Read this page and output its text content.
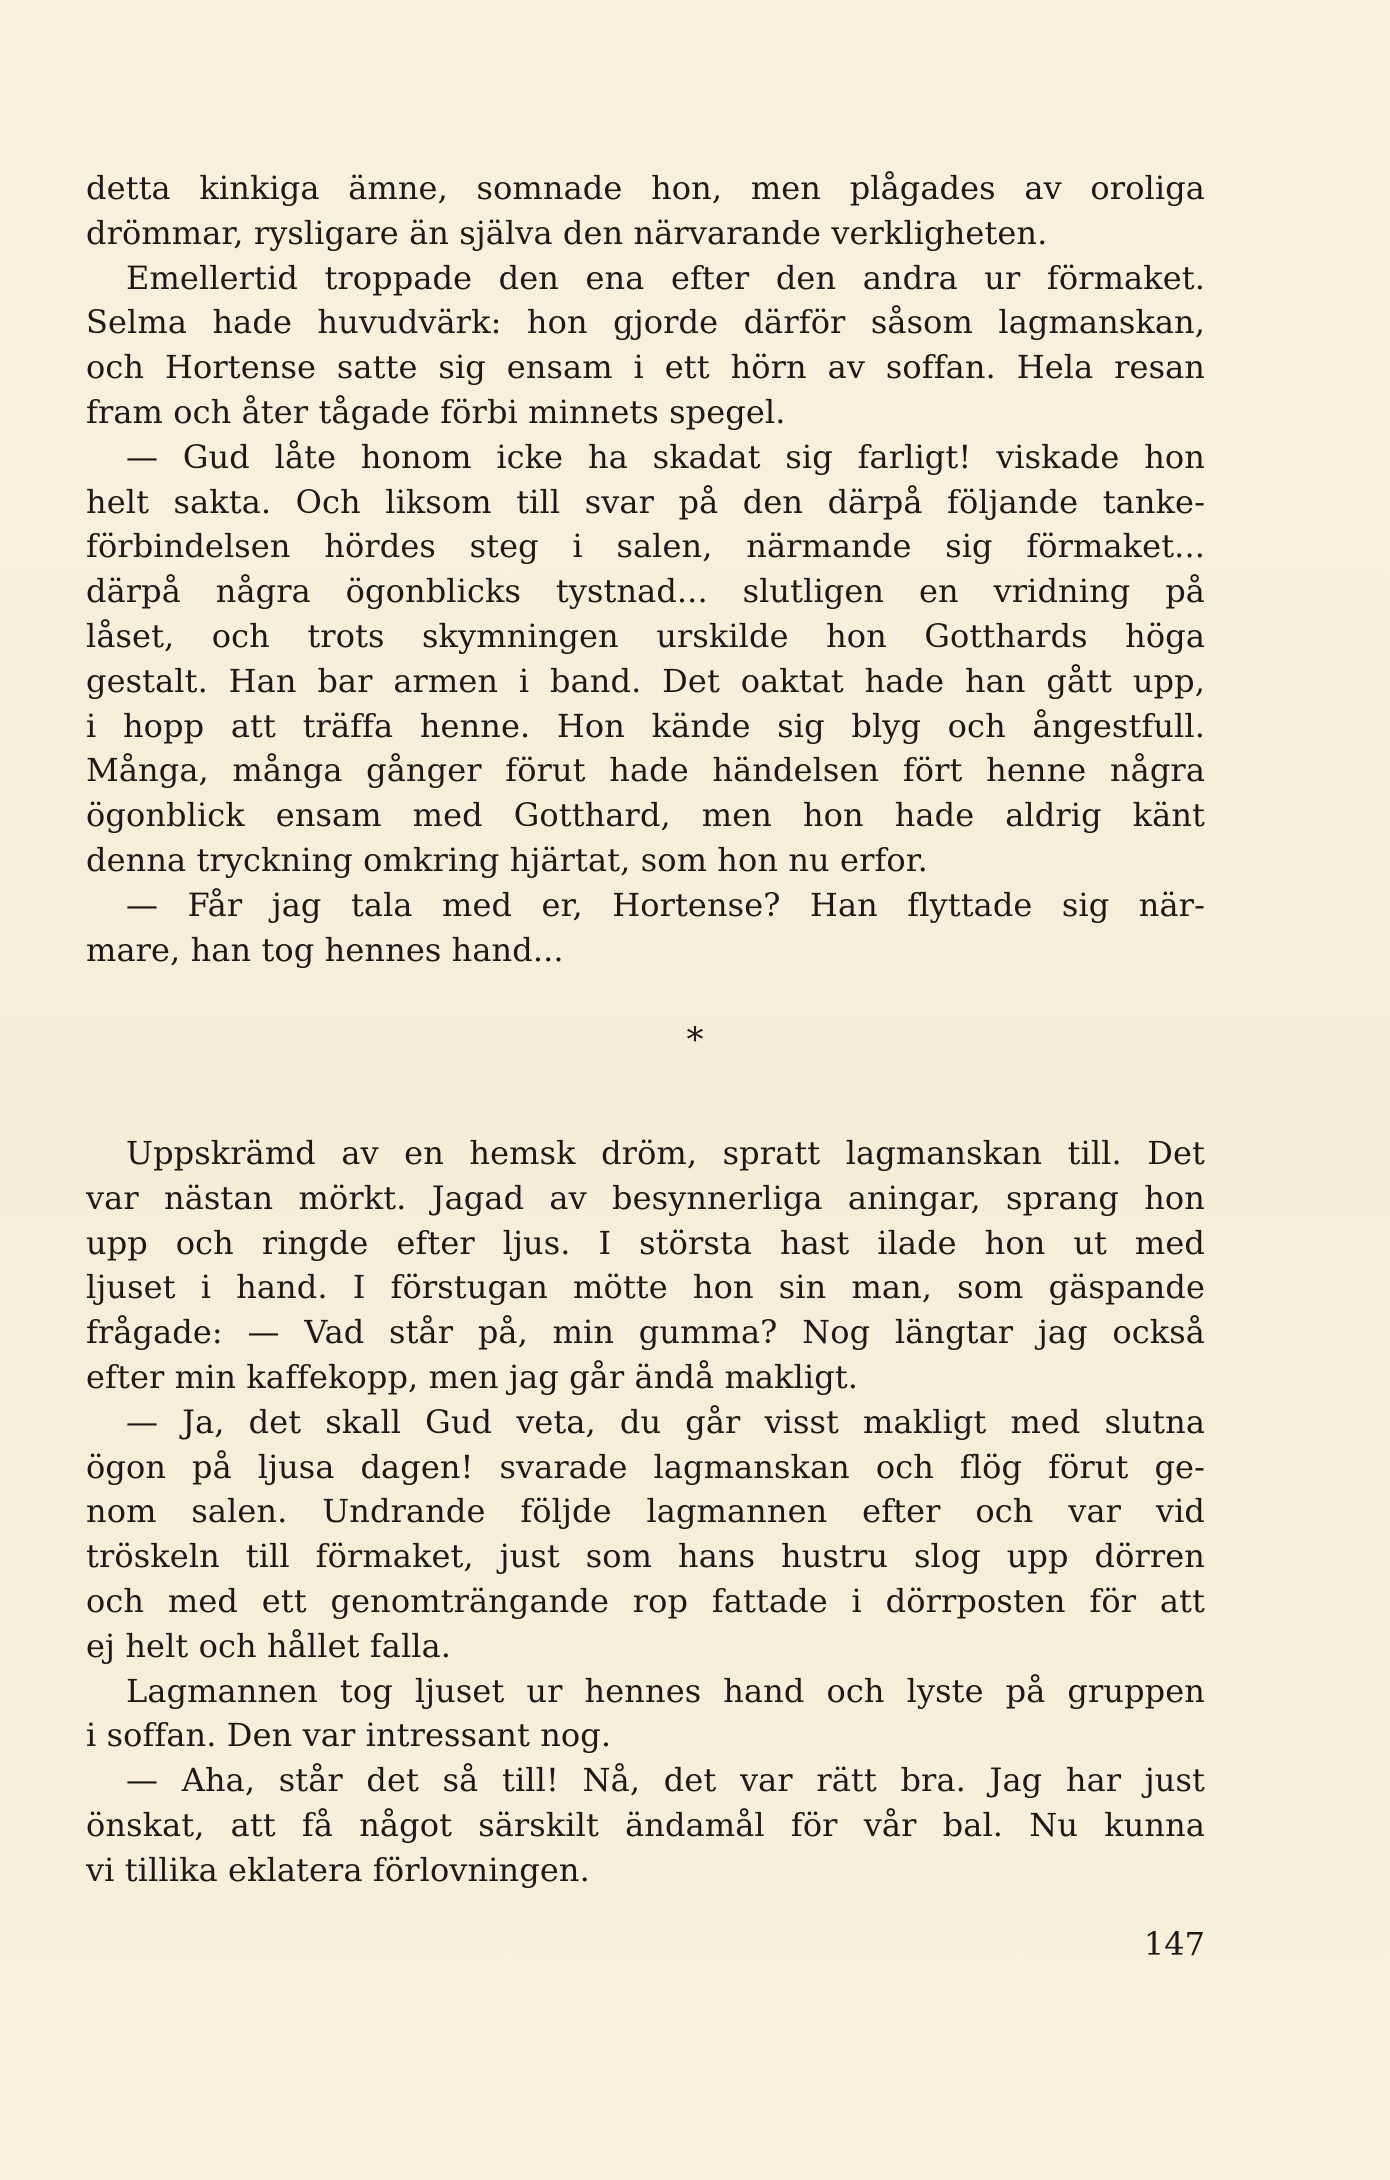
detta kinkiga ämne, somnade hon, men plågades av oroliga
drömmar, rysligare än själva den närvarande verkligheten.
Emellertid troppade den ena efter den andra ur förmaket.
Selma hade huvudvärk: hon gjorde därför såsom lagmanskan,
och Hortense satte sig ensam i ett hörn av soffan. Hela resan
fram och åter tågade förbi minnets spegel.
— Gud låte honom icke ha skadat sig farligt! viskade hon
helt sakta. Och liksom till svar på den därpå följande tanke-
förbindelsen hördes steg i salen, närmande sig förmaket...
därpå några ögonblicks tystnad... slutligen en vridning på
låset, och trots skymningen urskilde hon Gotthards höga
gestalt. Han bar armen i band. Det oaktat hade han gått upp,
i hopp att träffa henne. Hon kände sig blyg och ångestfull.
Många, många gånger förut hade händelsen fört henne några
ögonblick ensam med Gotthard, men hon hade aldrig känt
denna tryckning omkring hjärtat, som hon nu erfor.
— Får jag tala med er, Hortense? Han flyttade sig när-
mare, han tog hennes hand...
*
Uppskrämd av en hemsk dröm, spratt lagmanskan till. Det
var nästan mörkt. Jagad av besynnerliga aningar, sprang hon
upp och ringde efter ljus. I största hast ilade hon ut med
ljuset i hand. I förstugan mötte hon sin man, som gäspande
frågade: — Vad står på, min gumma? Nog längtar jag också
efter min kaffekopp, men jag går ändå makligt.
— Ja, det skall Gud veta, du går visst makligt med slutna
ögon på ljusa dagen! svarade lagmanskan och flög förut ge-
nom salen. Undrande följde lagmannen efter och var vid
tröskeln till förmaket, just som hans hustru slog upp dörren
och med ett genomträngande rop fattade i dörrposten för att
ej helt och hållet falla.
Lagmannen tog ljuset ur hennes hand och lyste på gruppen
i soffan. Den var intressant nog.
— Aha, står det så till! Nå, det var rätt bra. Jag har just
önskat, att få något särskilt ändamål för vår bal. Nu kunna
vi tillika eklatera förlovningen.
147
